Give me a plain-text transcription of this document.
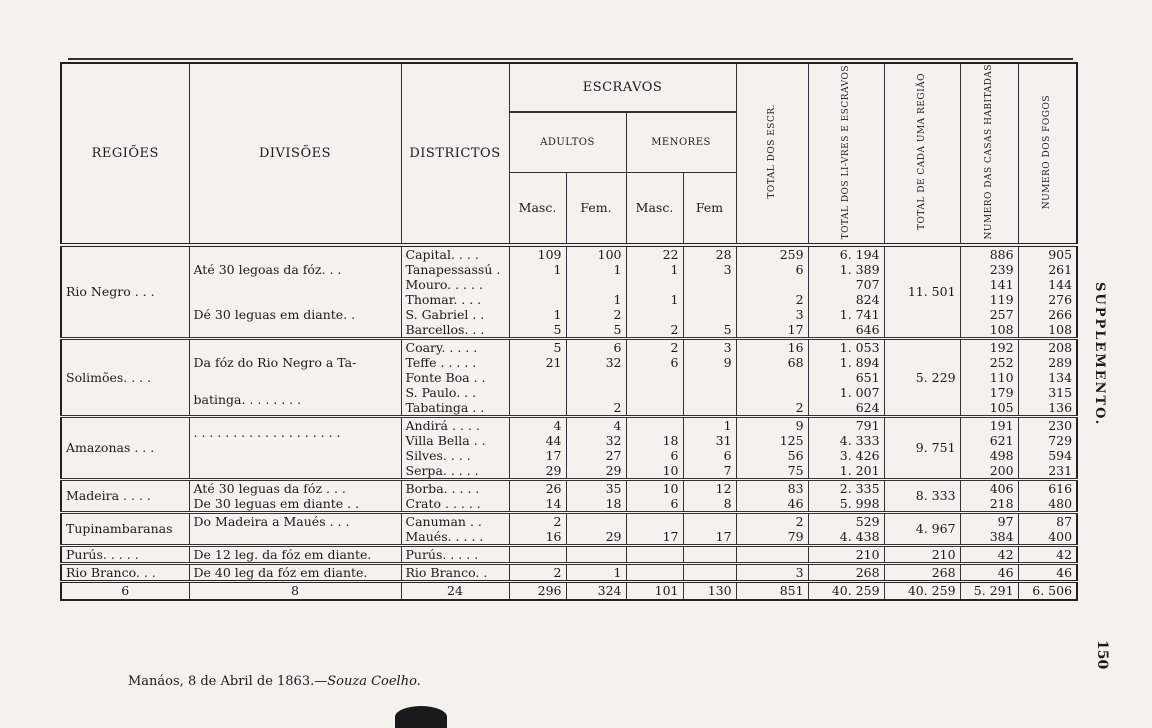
REGIÕES	DIVISÕES	DISTRICTOS	ESCRAVOS				TOTAL DOS ESCR.	TOTAL DOS LI-VRES E ESCRAVOS	TOTAL DE CADA UMA REGIÃO	NUMERO DAS CASAS HABITADAS	NUMERO DOS FOGOS
			ADULTOS		MENORES						
			Masc.	Fem.	Masc.	Fem					
Rio Negro . . .	Até 30 legoas da fóz. . .	Capital. . . .	109	100	22	28	259	6. 194	11. 501	886	905
		Tanapessassú .	1	1	1	3	6	1. 389		239	261
		Mouro. . . . .						707		141	144
	Dé 30 leguas em diante. .	Thomar. . . .		1	1		2	824		119	276
		S. Gabriel . .	1	2			3	1. 741		257	266
		Barcellos. . .	5	5	2	5	17	646		108	108
Solimões. . . .	Da fóz do Rio Negro a Ta-	Coary. . . . .	5	6	2	3	16	1. 053	5. 229	192	208
		Teffe . . . . .	21	32	6	9	68	1. 894		252	289
		Fonte Boa . .						651		110	134
	batinga. . . . . . . .	S. Paulo. . .						1. 007		179	315
		Tabatinga . .		2			2	624		105	136
Amazonas . . .	. . . . . . . . . . . . . . . . . . .	Andirá . . . .	4	4		1	9	791	9. 751	191	230
		Villa Bella . .	44	32	18	31	125	4. 333		621	729
		Silves. . . .	17	27	6	6	56	3. 426		498	594
		Serpa. . . . .	29	29	10	7	75	1. 201		200	231
Madeira . . . .	Até 30 leguas da fóz . . .	Borba. . . . .	26	35	10	12	83	2. 335	8. 333	406	616
	De 30 leguas em diante . .	Crato . . . . .	14	18	6	8	46	5. 998		218	480
Tupinambaranas	Do Madeira a Maués . . .	Canuman . .	2				2	529	4. 967	97	87
		Maués. . . . .	16	29	17	17	79	4. 438		384	400
Purús. . . . .	De 12 leg. da fóz em diante.	Purús. . . . .						210	210	42	42
Rio Branco. . .	De 40 leg da fóz em diante.	Rio Branco. .	2	1			3	268	268	46	46
6	8	24	296	324	101	130	851	40. 259	40. 259	5. 291	6. 506
SUPPLEMENTO.
150
Manáos, 8 de Abril de 1863.—Souza Coelho.
